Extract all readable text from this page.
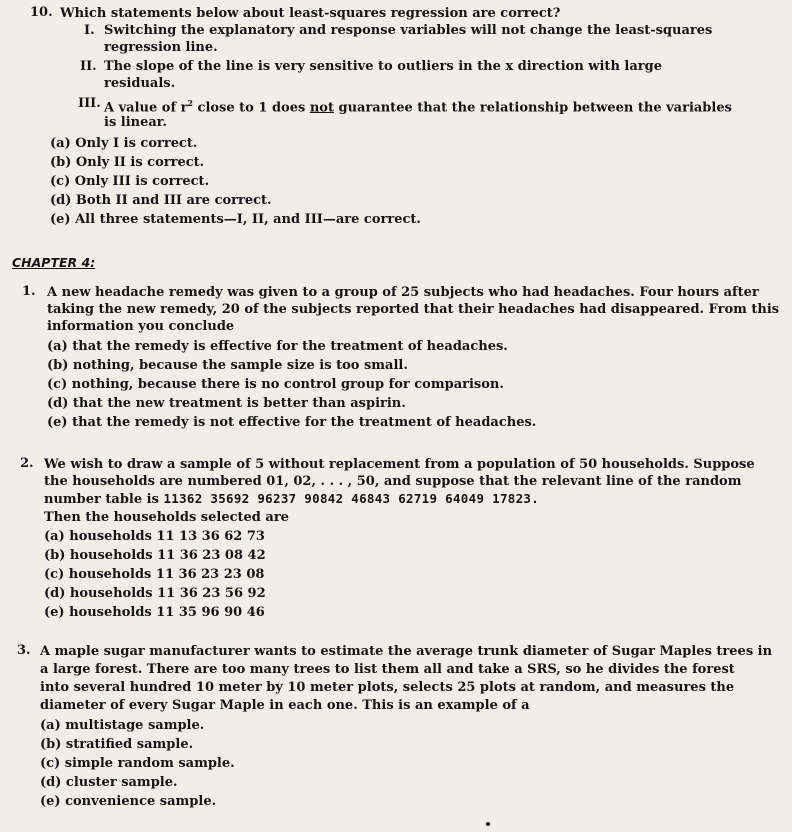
10. Which statements below about least-squares regression are correct?
I. Switching the explanatory and response variables will not change the least-squares
regression line.
II. The slope of the line is very sensitive to outliers in the x direction with large
residuals.
III. A value of $r^2$ close to 1 does not guarantee that the relationship between the variables
is linear.
(a) Only I is correct.
(b) Only II is correct.
(c) Only III is correct.
(d) Both II and III are correct.
(e) All three statements—I, II, and III—are correct.
CHAPTER 4:
1. A new headache remedy was given to a group of 25 subjects who had headaches. Four hours after
taking the new remedy, 20 of the subjects reported that their headaches had disappeared. From this
information you conclude
(a) that the remedy is effective for the treatment of headaches.
(b) nothing, because the sample size is too small.
(c) nothing, because there is no control group for comparison.
(d) that the new treatment is better than aspirin.
(e) that the remedy is not effective for the treatment of headaches.
2. We wish to draw a sample of 5 without replacement from a population of 50 households. Suppose
the households are numbered 01, 02, . . . , 50, and suppose that the relevant line of the random
number table is 11362 35692 96237 90842 46843 62719 64049 17823.
Then the households selected are
(a) households 11 13 36 62 73
(b) households 11 36 23 08 42
(c) households 11 36 23 23 08
(d) households 11 36 23 56 92
(e) households 11 35 96 90 46
3. A maple sugar manufacturer wants to estimate the average trunk diameter of Sugar Maples trees in
a large forest. There are too many trees to list them all and take a SRS, so he divides the forest
into several hundred 10 meter by 10 meter plots, selects 25 plots at random, and measures the
diameter of every Sugar Maple in each one. This is an example of a
(a) multistage sample.
(b) stratified sample.
(c) simple random sample.
(d) cluster sample.
(e) convenience sample.
